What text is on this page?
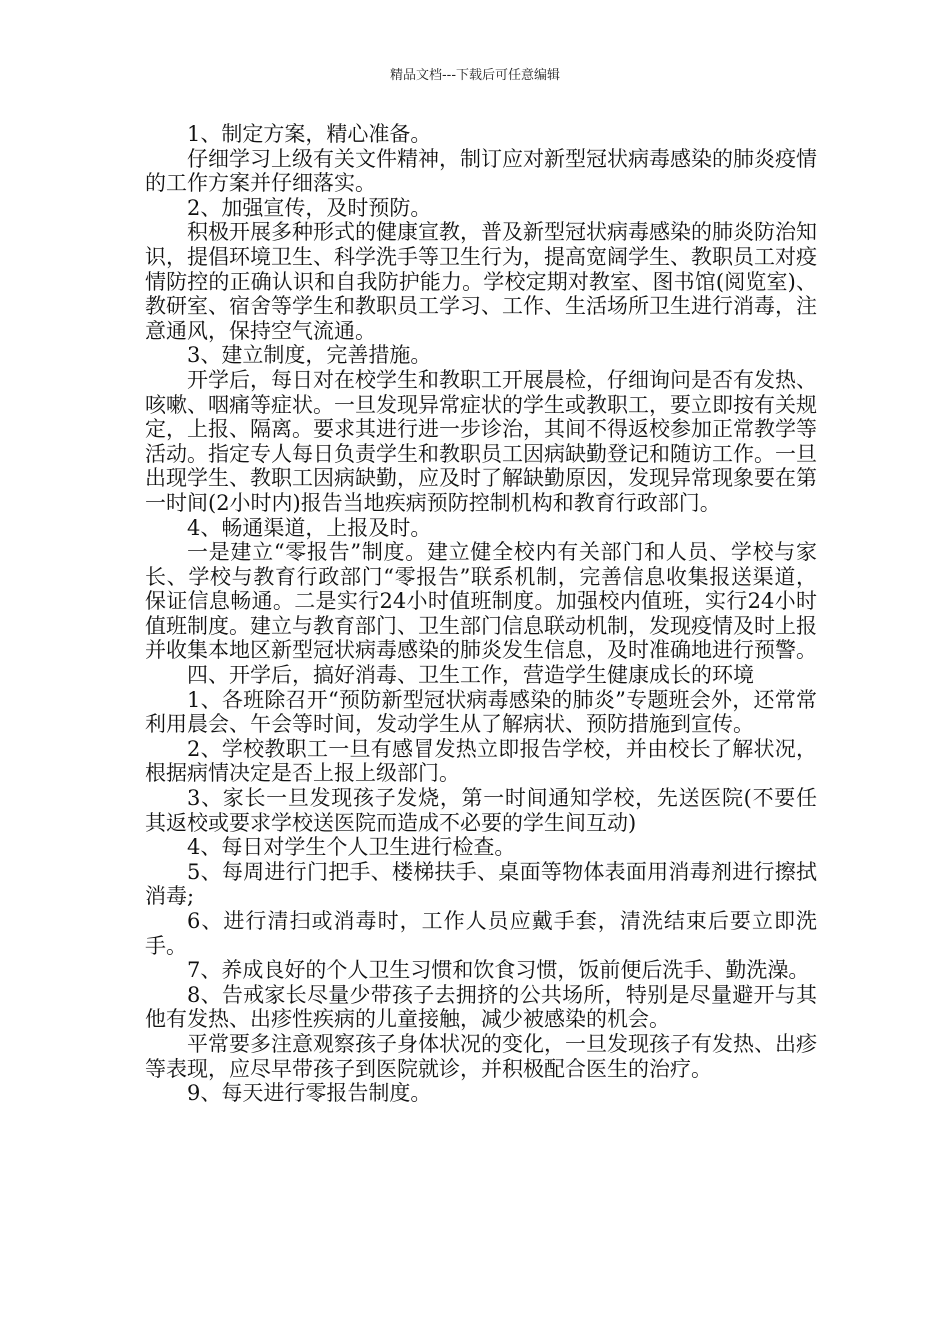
精品文档---下载后可任意编辑

1、制定方案，精心准备。

仔细学习上级有关文件精神，制订应对新型冠状病毒感染的肺炎疫情的工作方案并仔细落实。

2、加强宣传，及时预防。

积极开展多种形式的健康宣教，普及新型冠状病毒感染的肺炎防治知识，提倡环境卫生、科学洗手等卫生行为，提高宽阔学生、教职员工对疫情防控的正确认识和自我防护能力。学校定期对教室、图书馆(阅览室)、教研室、宿舍等学生和教职员工学习、工作、生活场所卫生进行消毒，注意通风，保持空气流通。

3、建立制度，完善措施。

开学后，每日对在校学生和教职工开展晨检，仔细询问是否有发热、咳嗽、咽痛等症状。一旦发现异常症状的学生或教职工，要立即按有关规定，上报、隔离。要求其进行进一步诊治，其间不得返校参加正常教学等活动。指定专人每日负责学生和教职员工因病缺勤登记和随访工作。一旦出现学生、教职工因病缺勤，应及时了解缺勤原因，发现异常现象要在第一时间(2小时内)报告当地疾病预防控制机构和教育行政部门。

4、畅通渠道，上报及时。

一是建立“零报告”制度。建立健全校内有关部门和人员、学校与家长、学校与教育行政部门“零报告”联系机制，完善信息收集报送渠道，保证信息畅通。二是实行24小时值班制度。加强校内值班，实行24小时值班制度。建立与教育部门、卫生部门信息联动机制，发现疫情及时上报并收集本地区新型冠状病毒感染的肺炎发生信息，及时准确地进行预警。

四、开学后，搞好消毒、卫生工作，营造学生健康成长的环境

1、各班除召开“预防新型冠状病毒感染的肺炎”专题班会外，还常常利用晨会、午会等时间，发动学生从了解病状、预防措施到宣传。

2、学校教职工一旦有感冒发热立即报告学校，并由校长了解状况，根据病情决定是否上报上级部门。

3、家长一旦发现孩子发烧，第一时间通知学校，先送医院(不要任其返校或要求学校送医院而造成不必要的学生间互动)

4、每日对学生个人卫生进行检查。

5、每周进行门把手、楼梯扶手、桌面等物体表面用消毒剂进行擦拭消毒;

6、进行清扫或消毒时，工作人员应戴手套，清洗结束后要立即洗手。

7、养成良好的个人卫生习惯和饮食习惯，饭前便后洗手、勤洗澡。

8、告戒家长尽量少带孩子去拥挤的公共场所，特别是尽量避开与其他有发热、出疹性疾病的儿童接触，减少被感染的机会。

平常要多注意观察孩子身体状况的变化，一旦发现孩子有发热、出疹等表现，应尽早带孩子到医院就诊，并积极配合医生的治疗。

9、每天进行零报告制度。
